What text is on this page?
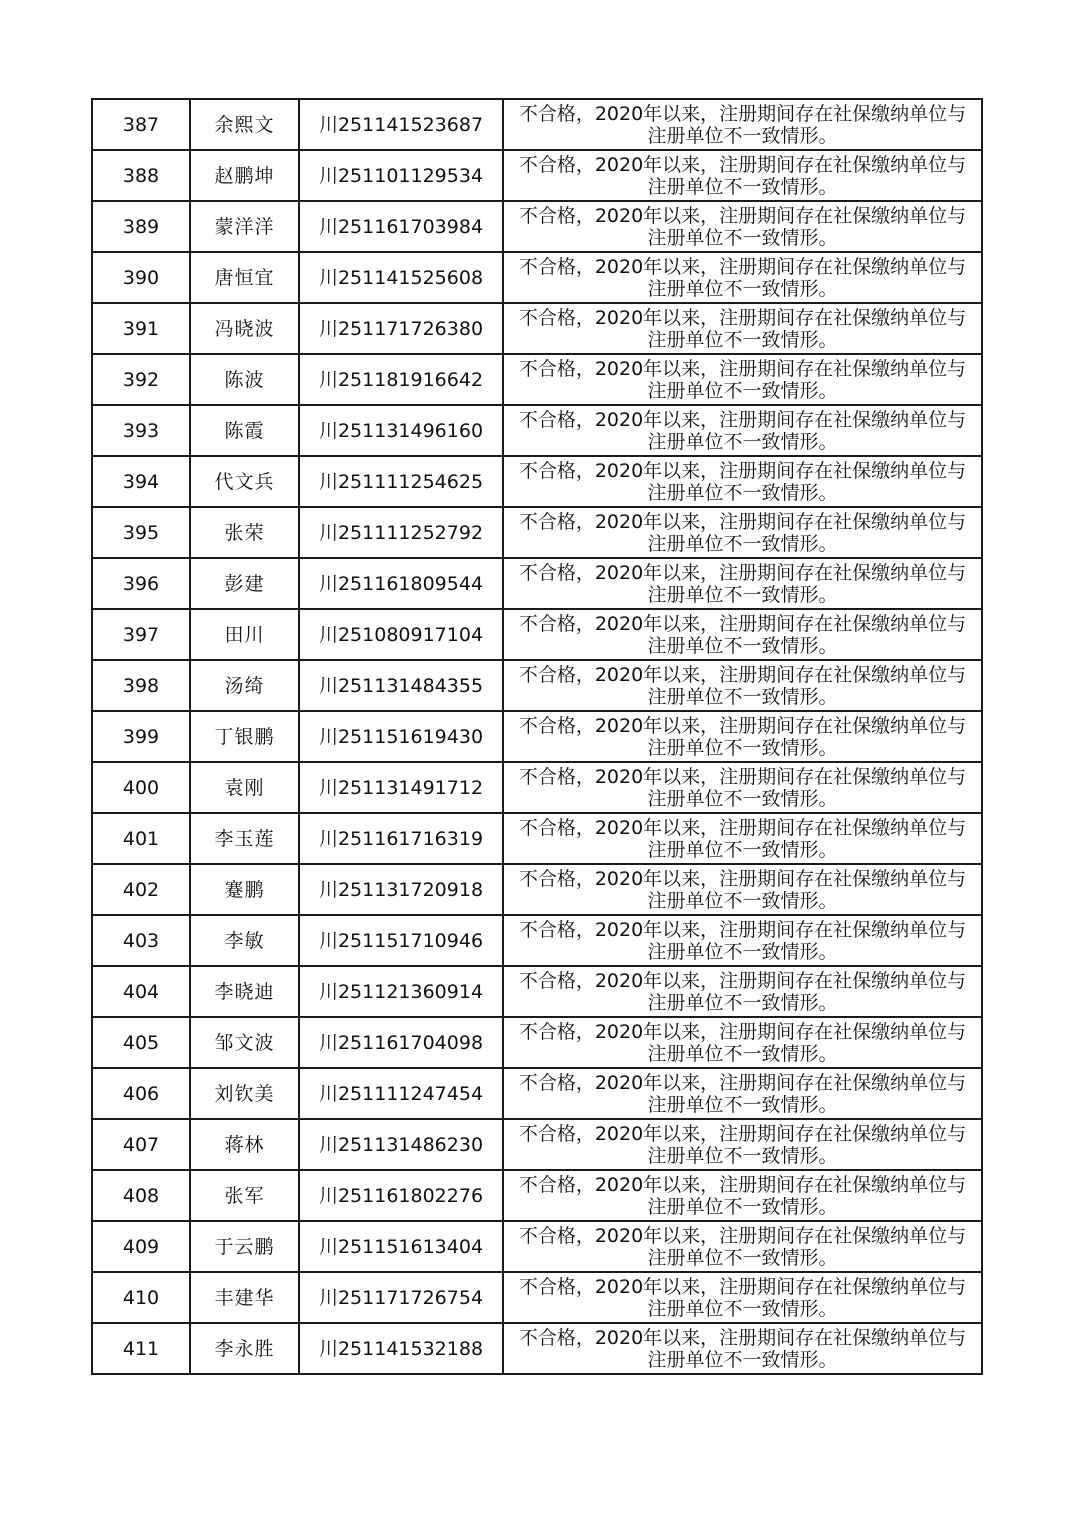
387	余熙文	川251141523687	不合格，2020年以来，注册期间存在社保缴纳单位与
注册单位不一致情形。

388	赵鹏坤	川251101129534	不合格，2020年以来，注册期间存在社保缴纳单位与
注册单位不一致情形。

389	蒙洋洋	川251161703984	不合格，2020年以来，注册期间存在社保缴纳单位与
注册单位不一致情形。

390	唐恒宜	川251141525608	不合格，2020年以来，注册期间存在社保缴纳单位与
注册单位不一致情形。

391	冯晓波	川251171726380	不合格，2020年以来，注册期间存在社保缴纳单位与
注册单位不一致情形。

392	陈波	川251181916642	不合格，2020年以来，注册期间存在社保缴纳单位与
注册单位不一致情形。

393	陈霞	川251131496160	不合格，2020年以来，注册期间存在社保缴纳单位与
注册单位不一致情形。

394	代文兵	川251111254625	不合格，2020年以来，注册期间存在社保缴纳单位与
注册单位不一致情形。

395	张荣	川251111252792	不合格，2020年以来，注册期间存在社保缴纳单位与
注册单位不一致情形。

396	彭建	川251161809544	不合格，2020年以来，注册期间存在社保缴纳单位与
注册单位不一致情形。

397	田川	川251080917104	不合格，2020年以来，注册期间存在社保缴纳单位与
注册单位不一致情形。

398	汤绮	川251131484355	不合格，2020年以来，注册期间存在社保缴纳单位与
注册单位不一致情形。

399	丁银鹏	川251151619430	不合格，2020年以来，注册期间存在社保缴纳单位与
注册单位不一致情形。

400	袁刚	川251131491712	不合格，2020年以来，注册期间存在社保缴纳单位与
注册单位不一致情形。

401	李玉莲	川251161716319	不合格，2020年以来，注册期间存在社保缴纳单位与
注册单位不一致情形。

402	蹇鹏	川251131720918	不合格，2020年以来，注册期间存在社保缴纳单位与
注册单位不一致情形。

403	李敏	川251151710946	不合格，2020年以来，注册期间存在社保缴纳单位与
注册单位不一致情形。

404	李晓迪	川251121360914	不合格，2020年以来，注册期间存在社保缴纳单位与
注册单位不一致情形。

405	邹文波	川251161704098	不合格，2020年以来，注册期间存在社保缴纳单位与
注册单位不一致情形。

406	刘钦美	川251111247454	不合格，2020年以来，注册期间存在社保缴纳单位与
注册单位不一致情形。

407	蒋林	川251131486230	不合格，2020年以来，注册期间存在社保缴纳单位与
注册单位不一致情形。

408	张军	川251161802276	不合格，2020年以来，注册期间存在社保缴纳单位与
注册单位不一致情形。

409	于云鹏	川251151613404	不合格，2020年以来，注册期间存在社保缴纳单位与
注册单位不一致情形。

410	丰建华	川251171726754	不合格，2020年以来，注册期间存在社保缴纳单位与
注册单位不一致情形。

411	李永胜	川251141532188	不合格，2020年以来，注册期间存在社保缴纳单位与
注册单位不一致情形。
